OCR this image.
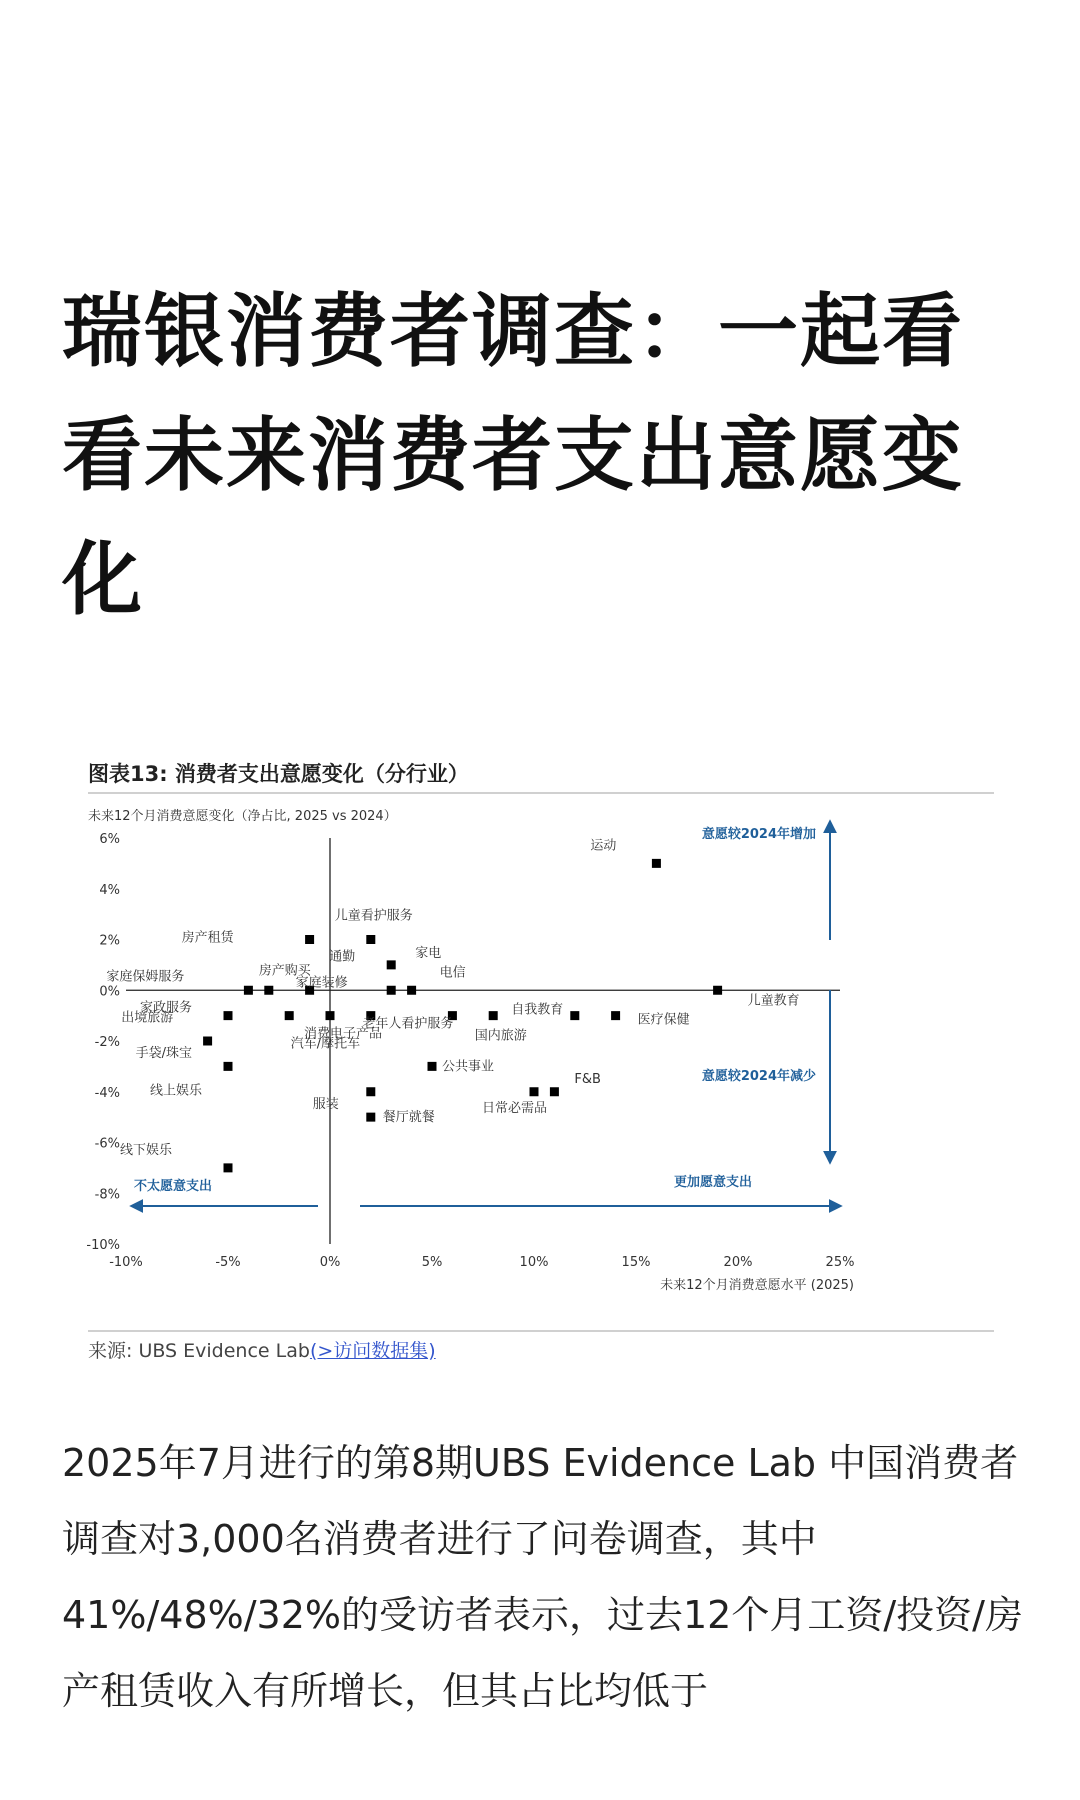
瑞银消费者调查：一起看看未来消费者支出意愿变化
图表13: 消费者支出意愿变化（分行业）
未来12个月消费意愿变化（净占比, 2025 vs 2024）
6%
4%
2%
0%
-2%
-4%
-6%
-8%
-10%
-10%	-5%	0%	5%	10%	15%	20%	25%
未来12个月消费意愿水平 (2025)
意愿较2024年增加
意愿较2024年减少
不太愿意支出	更加愿意支出
运动
儿童教育
儿童看护服务
家电
通勤
电信
房产租赁
家庭保姆服务	房产购买
家庭装修
家政服务
出境旅游
手袋/珠宝
线上娱乐
线下娱乐
消费电子产品
汽车/摩托车
老年人看护服务
自我教育
国内旅游
医疗保健
公共事业
服装
餐厅就餐
日常必需品
F&B
来源: UBS Evidence Lab(>访问数据集)

2025年7月进行的第8期UBS Evidence Lab 中国消费者调查对3,000名消费者进行了问卷调查，其中41%/48%/32%的受访者表示，过去12个月工资/投资/房产租赁收入有所增长，但其占比均低于
